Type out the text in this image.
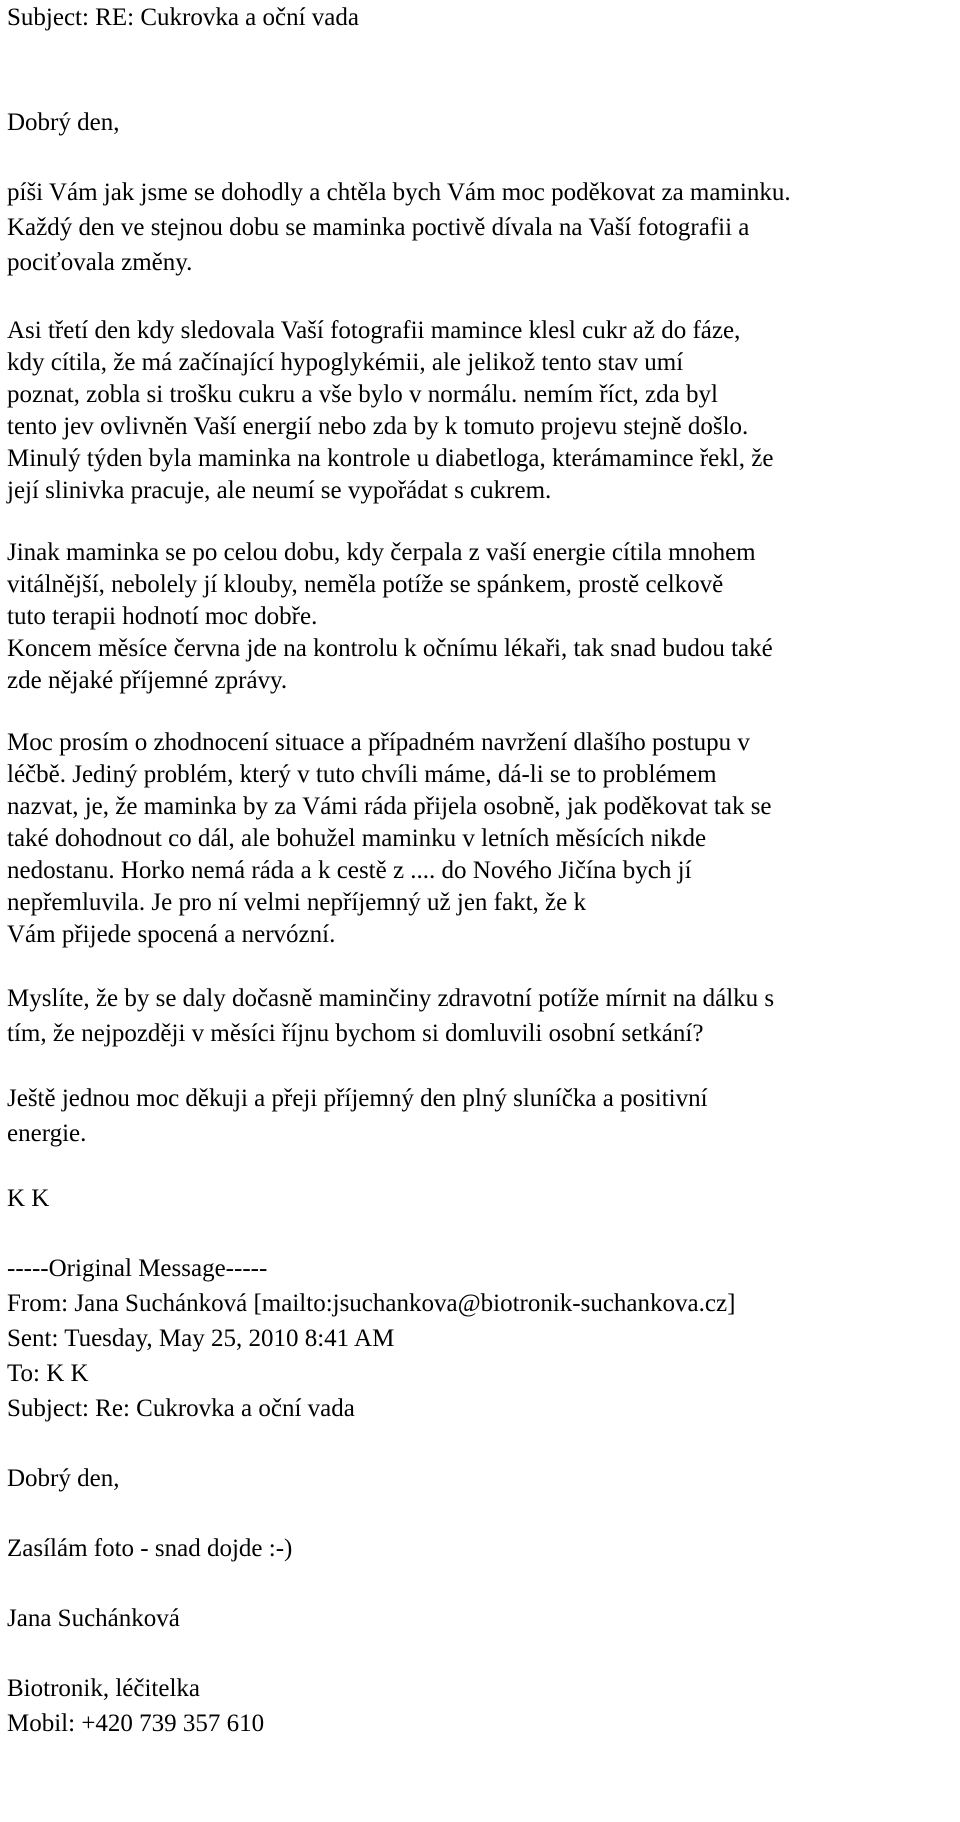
Subject: RE: Cukrovka a oční vada
Dobrý den,
píši Vám jak jsme se dohodly a chtěla bych Vám moc poděkovat za maminku.
Každý den ve stejnou dobu se maminka poctivě dívala na Vaší fotografii a
pociťovala změny.
Asi třetí den kdy sledovala Vaší fotografii mamince klesl cukr až do fáze,
kdy cítila, že má začínající hypoglykémii, ale jelikož tento stav umí
poznat, zobla si trošku cukru a vše bylo v normálu. nemím říct, zda byl
tento jev ovlivněn Vaší energií nebo zda by k tomuto projevu stejně došlo.
Minulý týden byla maminka na kontrole u diabetloga, kterámamince řekl, že
její slinivka pracuje, ale neumí se vypořádat s cukrem.
Jinak maminka se po celou dobu, kdy čerpala z vaší energie cítila mnohem
vitálnější, nebolely jí klouby, neměla potíže se spánkem, prostě celkově
tuto terapii hodnotí moc dobře.
Koncem měsíce června jde na kontrolu k očnímu lékaři, tak snad budou také
zde nějaké příjemné zprávy.
Moc prosím o zhodnocení situace a případném navržení dlašího postupu v
léčbě. Jediný problém, který v tuto chvíli máme, dá-li se to problémem
nazvat, je, že maminka by za Vámi ráda přijela osobně, jak poděkovat tak se
také dohodnout co dál, ale bohužel maminku v letních měsících nikde
nedostanu. Horko nemá ráda a k cestě z .... do Nového Jičína bych jí
nepřemluvila. Je pro ní velmi nepříjemný už jen fakt, že k
Vám přijede spocená a nervózní.
Myslíte, že by se daly dočasně maminčiny zdravotní potíže mírnit na dálku s
tím, že nejpozději v měsíci říjnu bychom si domluvili osobní setkání?
Ještě jednou moc děkuji a přeji příjemný den plný sluníčka a positivní
energie.
K K
-----Original Message-----
From: Jana Suchánková [mailto:jsuchankova@biotronik-suchankova.cz]
Sent: Tuesday, May 25, 2010 8:41 AM
To: K K
Subject: Re: Cukrovka a oční vada
Dobrý den,
Zasílám foto - snad dojde :-)
Jana Suchánková
Biotronik, léčitelka
Mobil: +420 739 357 610
